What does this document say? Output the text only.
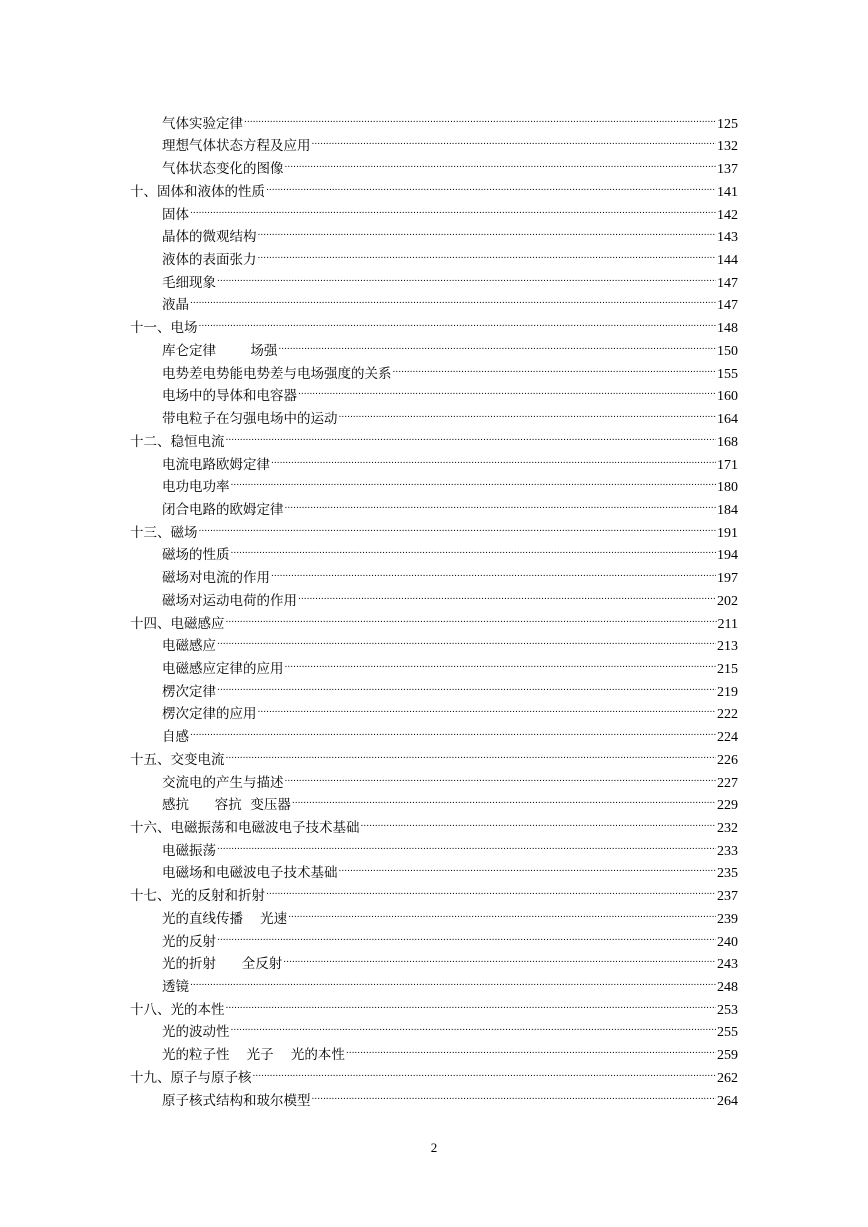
气体实验定律 .....	125
理想气体状态方程及应用 .....	132
气体状态变化的图像 .....	137
十、固体和液体的性质 .....	141
固体 .....	142
晶体的微观结构 .....	143
液体的表面张力 .....	144
毛细现象 .....	147
液晶 .....	147
十一、电场 .....	148
库仑定律        场强 .....	150
电势差电势能电势差与电场强度的关系 .....	155
电场中的导体和电容器 .....	160
带电粒子在匀强电场中的运动 .....	164
十二、稳恒电流 .....	168
电流电路欧姆定律 .....	171
电功电功率 .....	180
闭合电路的欧姆定律 .....	184
十三、磁场 .....	191
磁场的性质 .....	194
磁场对电流的作用 .....	197
磁场对运动电荷的作用 .....	202
十四、电磁感应 .....	211
电磁感应 .....	213
电磁感应定律的应用 .....	215
楞次定律 .....	219
楞次定律的应用 .....	222
自感 .....	224
十五、交变电流 .....	226
交流电的产生与描述 .....	227
感抗      容抗  变压器 .....	229
十六、电磁振荡和电磁波电子技术基础 .....	232
电磁振荡 .....	233
电磁场和电磁波电子技术基础 .....	235
十七、光的反射和折射 .....	237
光的直线传播    光速 .....	239
光的反射 .....	240
光的折射      全反射 .....	243
透镜 .....	248
十八、光的本性 .....	253
光的波动性 .....	255
光的粒子性    光子    光的本性 .....	259
十九、原子与原子核 .....	262
原子核式结构和玻尔模型 .....	264
2
